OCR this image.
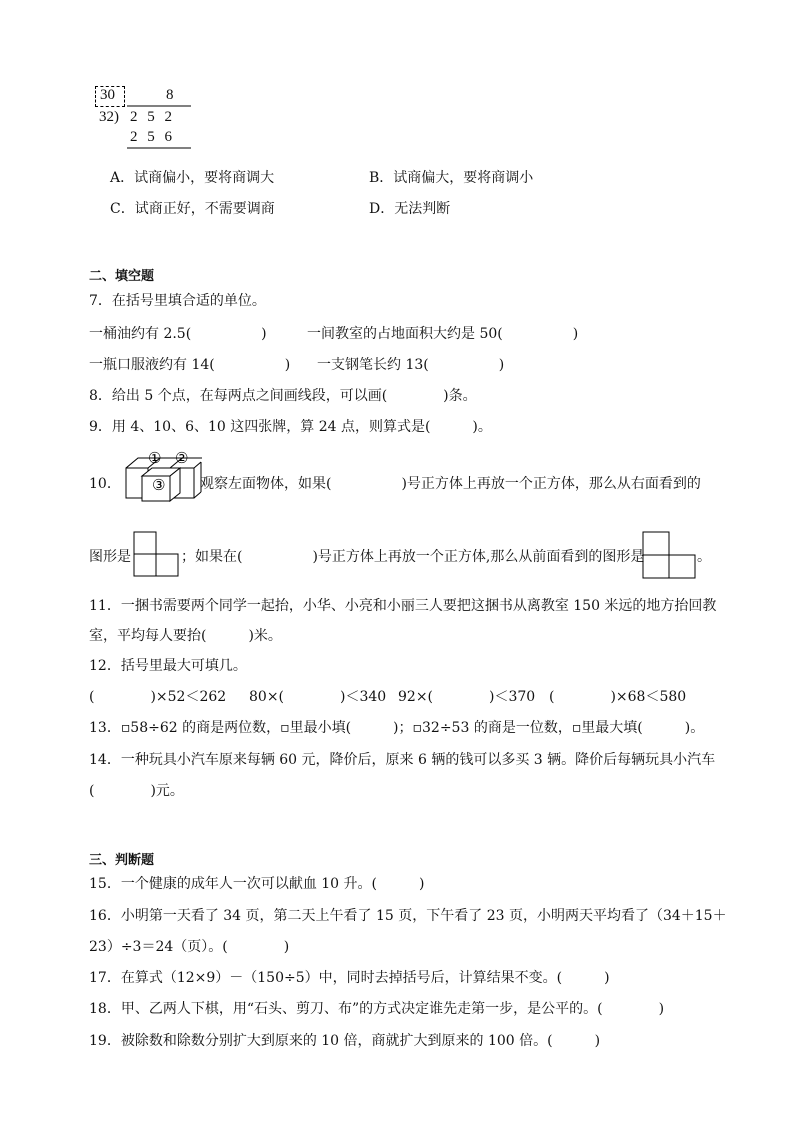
30	8
32) 2 5 2
2 5 6
A．试商偏小，要将商调大	B．试商偏大，要将商调小
C．试商正好，不需要调商	D．无法判断
二、填空题
7．在括号里填合适的单位。
一桶油约有 2.5(　　　　　)	一间教室的占地面积大约是 50(　　　　　)
一瓶口服液约有 14(　　　　　) 一支钢笔长约 13(　　　　　)
8．给出 5 个点，在每两点之间画线段，可以画(　　　　)条。
9．用 4、10、6、10 这四张牌，算 24 点，则算式是(　　　)。
10．
① ②
③ 观察左面物体，如果(　　　　　)号正方体上再放一个正方体，那么从右面看到的
图形是	；如果在(　　　　　)号正方体上再放一个正方体,那么从前面看到的图形是	。
11．一捆书需要两个同学一起抬，小华、小亮和小丽三人要把这捆书从离教室 150 米远的地方抬回教
室，平均每人要抬(　　　)米。
12．括号里最大可填几。
(　　　　)×52＜262 80×(　　　　)＜340 92×(　　　　)＜370 (　　　　)×68＜580
13．▫58÷62 的商是两位数，▫里最小填(　　　)；▫32÷53 的商是一位数，▫里最大填(　　　)。
14．一种玩具小汽车原来每辆 60 元，降价后，原来 6 辆的钱可以多买 3 辆。降价后每辆玩具小汽车
(　　　　)元。
三、判断题
15．一个健康的成年人一次可以献血 10 升。(　　　)
16．小明第一天看了 34 页，第二天上午看了 15 页，下午看了 23 页，小明两天平均看了（34＋15＋
23）÷3＝24（页）。(　　　　)
17．在算式（12×9）－（150÷5）中，同时去掉括号后，计算结果不变。(　　　)
18．甲、乙两人下棋，用“石头、剪刀、布”的方式决定谁先走第一步，是公平的。(　　　　)
19．被除数和除数分别扩大到原来的 10 倍，商就扩大到原来的 100 倍。(　　　)
